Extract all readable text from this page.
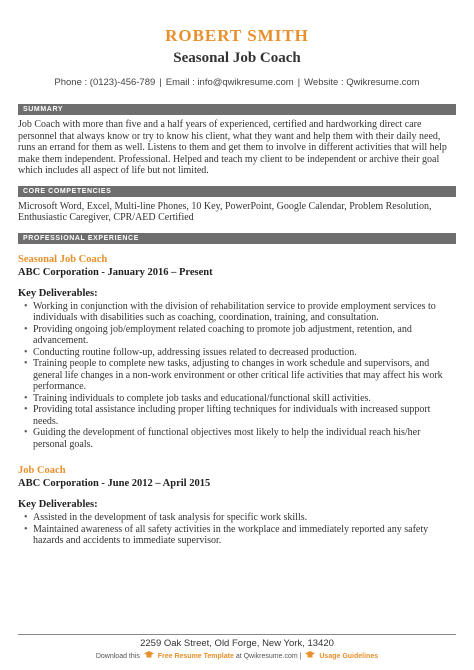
ROBERT SMITH
Seasonal Job Coach
Phone : (0123)-456-789 | Email : info@qwikresume.com | Website : Qwikresume.com
SUMMARY

Job Coach with more than five and a half years of experienced, certified and hardworking direct care personnel that always know or try to know his client, what they want and help them with their daily need, runs an errand for them as well. Listens to them and get them to involve in different activities that will help make them independent. Professional. Helped and teach my client to be independent or archive their goal which includes all aspect of life but not limited.

CORE COMPETENCIES

Microsoft Word, Excel, Multi-line Phones, 10 Key, PowerPoint, Google Calendar, Problem Resolution, Enthusiastic Caregiver, CPR/AED Certified

PROFESSIONAL EXPERIENCE
Seasonal Job Coach
ABC Corporation - January 2016 – Present
Key Deliverables:
• Working in conjunction with the division of rehabilitation service to provide employment services to individuals with disabilities such as coaching, coordination, training, and consultation.
• Providing ongoing job/employment related coaching to promote job adjustment, retention, and advancement.
• Conducting routine follow-up, addressing issues related to decreased production.
• Training people to complete new tasks, adjusting to changes in work schedule and supervisors, and general life changes in a non-work environment or other critical life activities that may affect his work performance.
• Training individuals to complete job tasks and educational/functional skill activities.
• Providing total assistance including proper lifting techniques for individuals with increased support needs.
• Guiding the development of functional objectives most likely to help the individual reach his/her personal goals.
Job Coach
ABC Corporation - June 2012 – April 2015
Key Deliverables:
• Assisted in the development of task analysis for specific work skills.
• Maintained awareness of all safety activities in the workplace and immediately reported any safety hazards and accidents to immediate supervisor.
2259 Oak Street, Old Forge, New York, 13420
Download this	Free Resume Template at Qwikresume.com |	Usage Guidelines
